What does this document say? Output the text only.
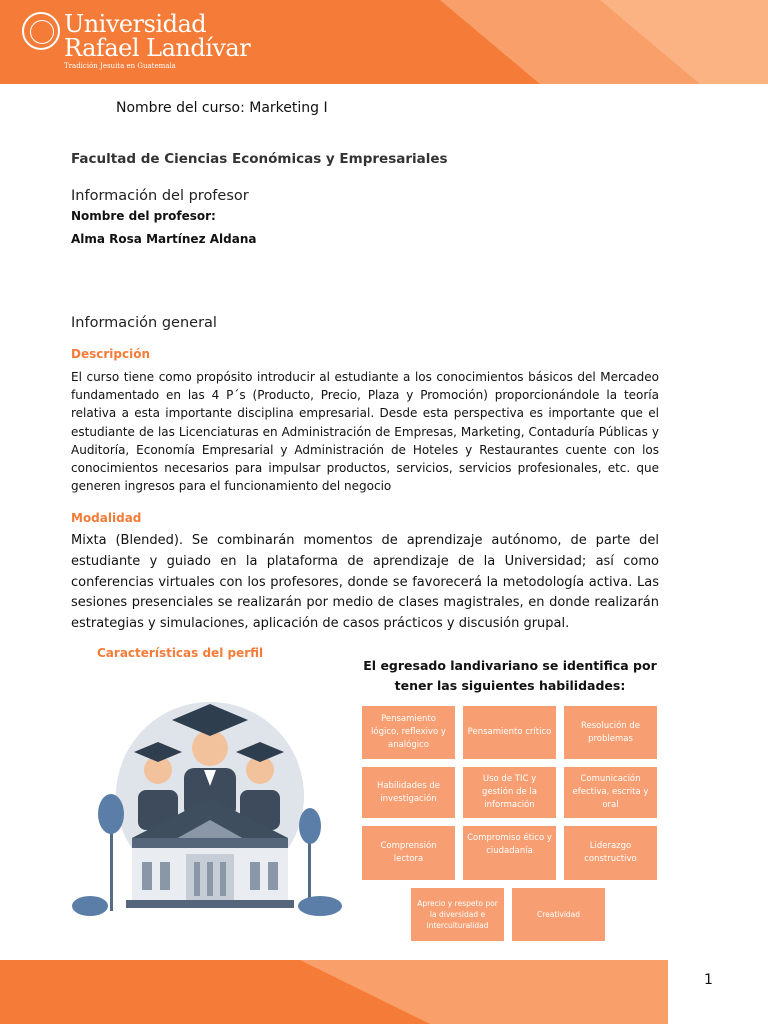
Universidad
Rafael Landívar
Tradición Jesuita en Guatemala
Nombre del curso: Marketing I
Facultad de Ciencias Económicas y Empresariales
Información del profesor
Nombre del profesor:
Alma Rosa Martínez Aldana
Información general
Descripción
El curso tiene como propósito introducir al estudiante a los conocimientos básicos del Mercadeo fundamentado en las 4 P´s (Producto, Precio, Plaza y Promoción) proporcionándole la teoría relativa a esta importante disciplina empresarial. Desde esta perspectiva es importante que el estudiante de las Licenciaturas en Administración de Empresas, Marketing, Contaduría Públicas y Auditoría, Economía Empresarial y Administración de Hoteles y Restaurantes cuente con los conocimientos necesarios para impulsar productos, servicios, servicios profesionales, etc. que generen ingresos para el funcionamiento del negocio
Modalidad
Mixta (Blended). Se combinarán momentos de aprendizaje autónomo, de parte del estudiante y guiado en la plataforma de aprendizaje de la Universidad; así como conferencias virtuales con los profesores, donde se favorecerá la metodología activa. Las sesiones presenciales se realizarán por medio de clases magistrales, en donde realizarán estrategias y simulaciones, aplicación de casos prácticos y discusión grupal.
Características del perfil
El egresado landivariano se identifica por tener las siguientes habilidades:
Pensamiento lógico, reflexivo y analógico
Pensamiento crítico
Resolución de problemas
Habilidades de investigación
Uso de TIC y gestión de la información
Comunicación efectiva, escrita y oral
Comprensión lectora
Compromiso ético y ciudadanía	Liderazgo constructivo
Aprecio y respeto por la diversidad e interculturalidad
Creatividad
1
